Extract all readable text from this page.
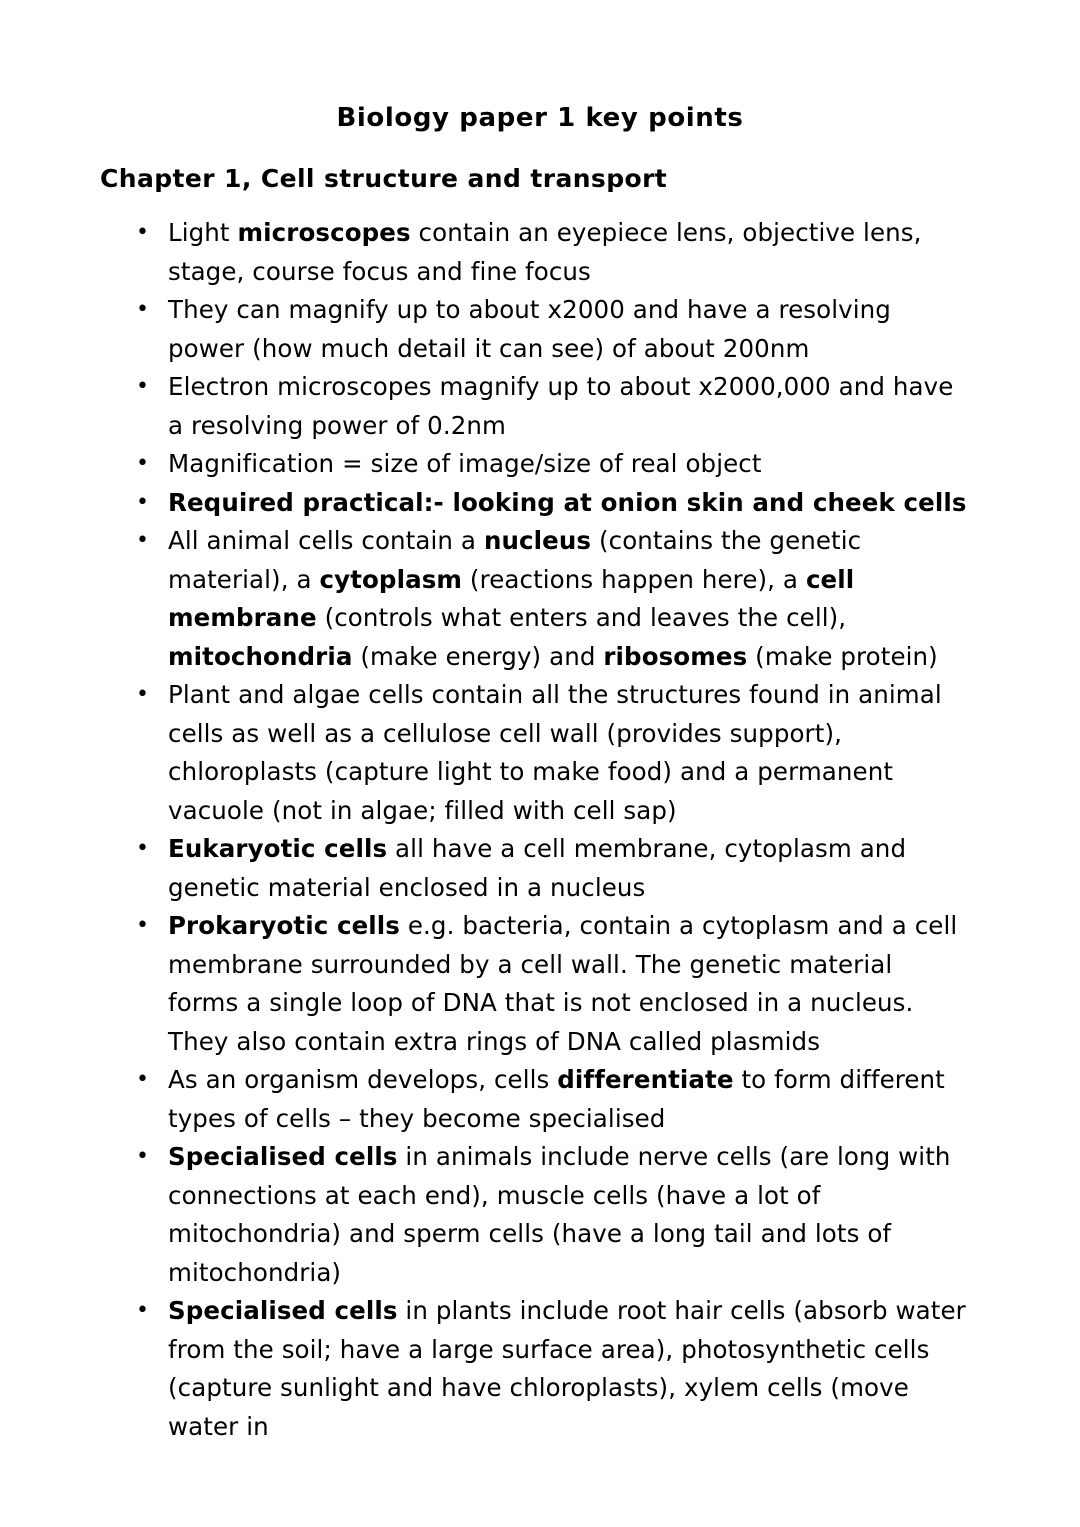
Biology paper 1 key points
Chapter 1, Cell structure and transport
• Light microscopes contain an eyepiece lens, objective lens, stage, course focus and fine focus
• They can magnify up to about x2000 and have a resolving power (how much detail it can see) of about 200nm
• Electron microscopes magnify up to about x2000,000 and have a resolving power of 0.2nm
• Magnification = size of image/size of real object
• Required practical:- looking at onion skin and cheek cells
• All animal cells contain a nucleus (contains the genetic material), a cytoplasm (reactions happen here), a cell membrane (controls what enters and leaves the cell), mitochondria (make energy) and ribosomes (make protein)
• Plant and algae cells contain all the structures found in animal cells as well as a cellulose cell wall (provides support), chloroplasts (capture light to make food) and a permanent vacuole (not in algae; filled with cell sap)
• Eukaryotic cells all have a cell membrane, cytoplasm and genetic material enclosed in a nucleus
• Prokaryotic cells e.g. bacteria, contain a cytoplasm and a cell membrane surrounded by a cell wall. The genetic material forms a single loop of DNA that is not enclosed in a nucleus. They also contain extra rings of DNA called plasmids
• As an organism develops, cells differentiate to form different types of cells – they become specialised
• Specialised cells in animals include nerve cells (are long with connections at each end), muscle cells (have a lot of mitochondria) and sperm cells (have a long tail and lots of mitochondria)
• Specialised cells in plants include root hair cells (absorb water from the soil; have a large surface area), photosynthetic cells (capture sunlight and have chloroplasts), xylem cells (move water in
